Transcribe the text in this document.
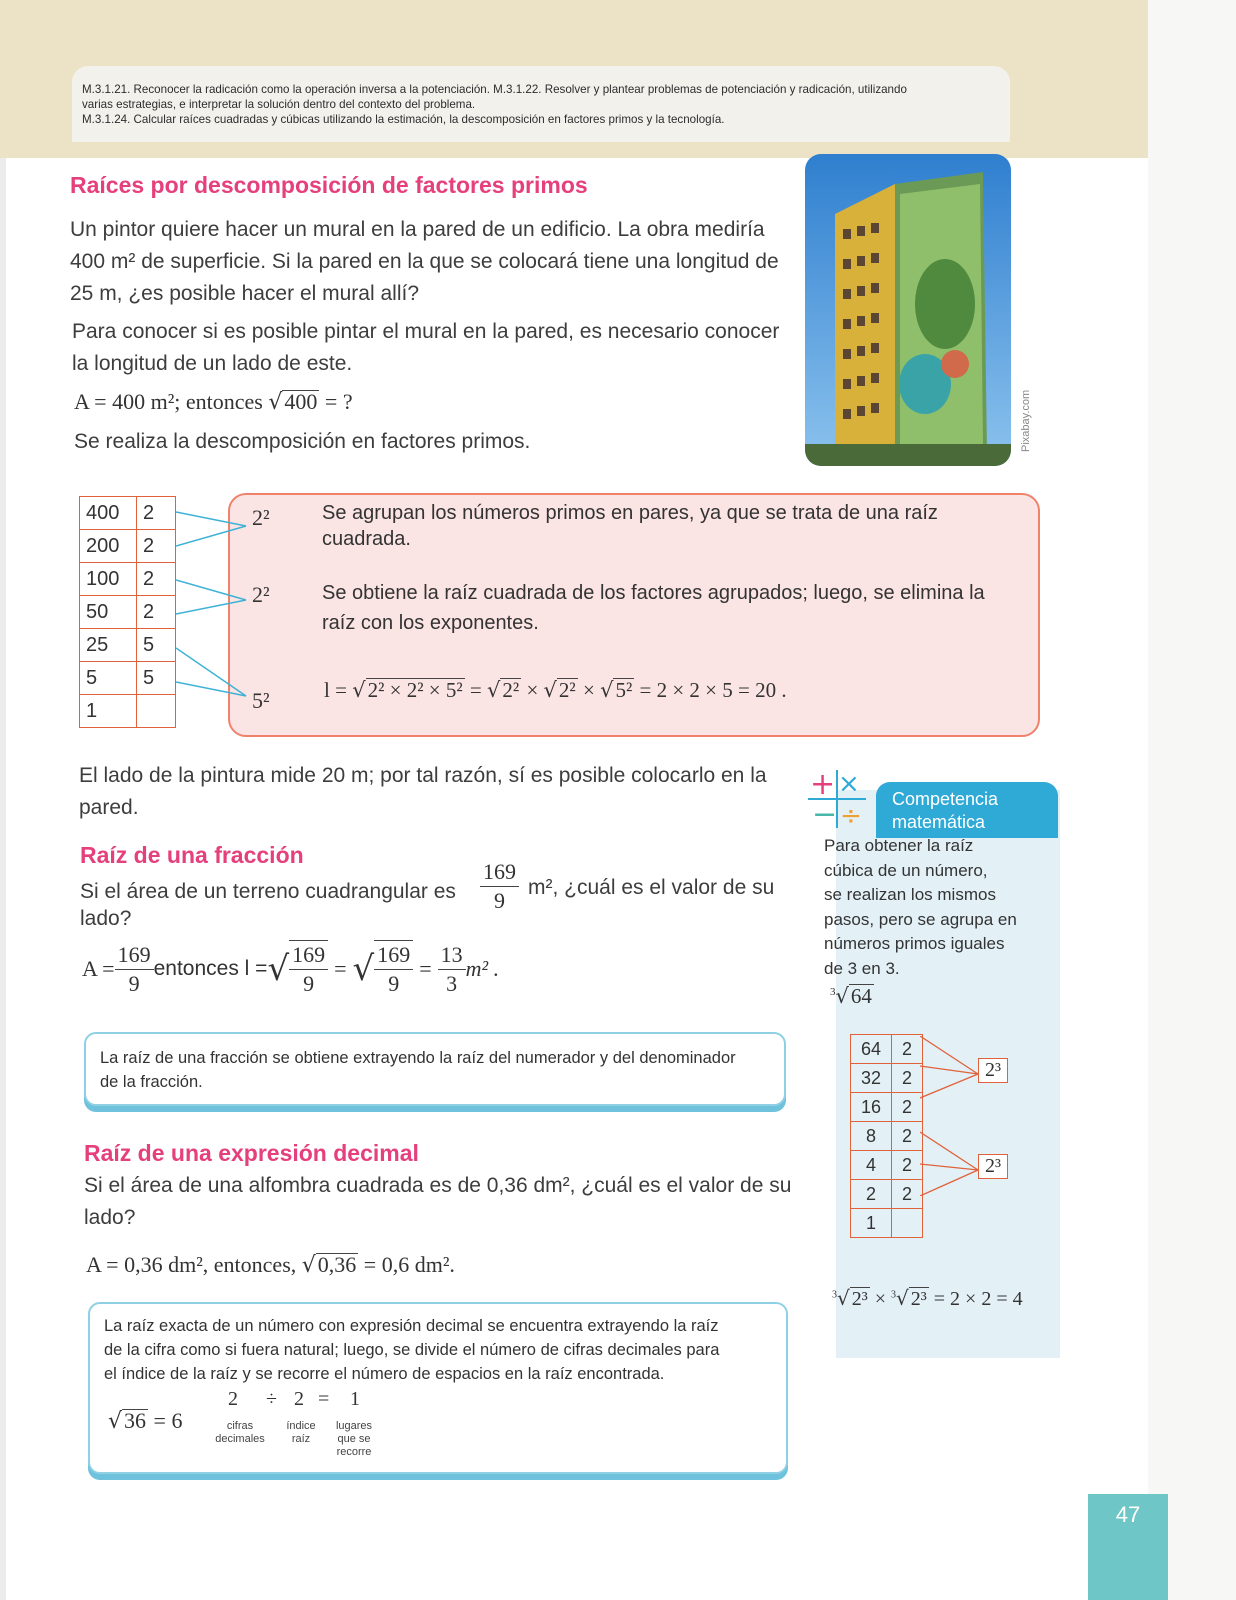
M.3.1.21. Reconocer la radicación como la operación inversa a la potenciación. M.3.1.22. Resolver y plantear problemas de potenciación y radicación, utilizando
varias estrategias, e interpretar la solución dentro del contexto del problema.
M.3.1.24. Calcular raíces cuadradas y cúbicas utilizando la estimación, la descomposición en factores primos y la tecnología.
Raíces por descomposición de factores primos
Un pintor quiere hacer un mural en la pared de un edificio. La obra mediría
400 m² de superficie. Si la pared en la que se colocará tiene una longitud de
25 m, ¿es posible hacer el mural allí?
Para conocer si es posible pintar el mural en la pared, es necesario conocer
la longitud de un lado de este.
A = 400 m²; entonces √400 = ?
Se realiza la descomposición en factores primos.	Pixabay.com
400	2
200	2
100	2
50	2
25	5
5	5
1	
2²
2²
5²
Se agrupan los números primos en pares, ya que se trata de una raíz
cuadrada.
Se obtiene la raíz cuadrada de los factores agrupados; luego, se elimina la
raíz con los exponentes.
l = √2² × 2² × 5² = √2² × √2² × √5² = 2 × 2 × 5 = 20 .
El lado de la pintura mide 20 m; por tal razón, sí es posible colocarlo en la
pared.
Raíz de una fracción
Si el área de un terreno cuadrangular es $\frac{169}{9} m^2$, ¿cuál es el valor de su
lado?
$A = \frac{169}{9}$ entonces l = √ $\frac{169}{9}$ = √ $\frac{169}{9} = \frac{13}{3} m^2$ .
La raíz de una fracción se obtiene extrayendo la raíz del numerador y del denominador
de la fracción.
Raíz de una expresión decimal
Si el área de una alfombra cuadrada es de 0,36 dm², ¿cuál es el valor de su
lado?
A = 0,36 dm², entonces, √0,36 = 0,6 dm².
La raíz exacta de un número con expresión decimal se encuentra extrayendo la raíz
de la cifra como si fuera natural; luego, se divide el número de cifras decimales para
el índice de la raíz y se recorre el número de espacios en la raíz encontrada.
√36 = 6
2 ÷ 2 = 1
cifras
decimales
índice
raíz
lugares
que se
recorre
+ ×
− ÷
Competencia
matemática
Para obtener la raíz
cúbica de un número,
se realizan los mismos
pasos, pero se agrupa en
números primos iguales
de 3 en 3.
$^3$√64
64	2
32	2
16	2
8	2
4	2
2	2
1	
2³
2³
$^3$√ 2³ × $^3$√ 2³ = 2 × 2 = 4
47
